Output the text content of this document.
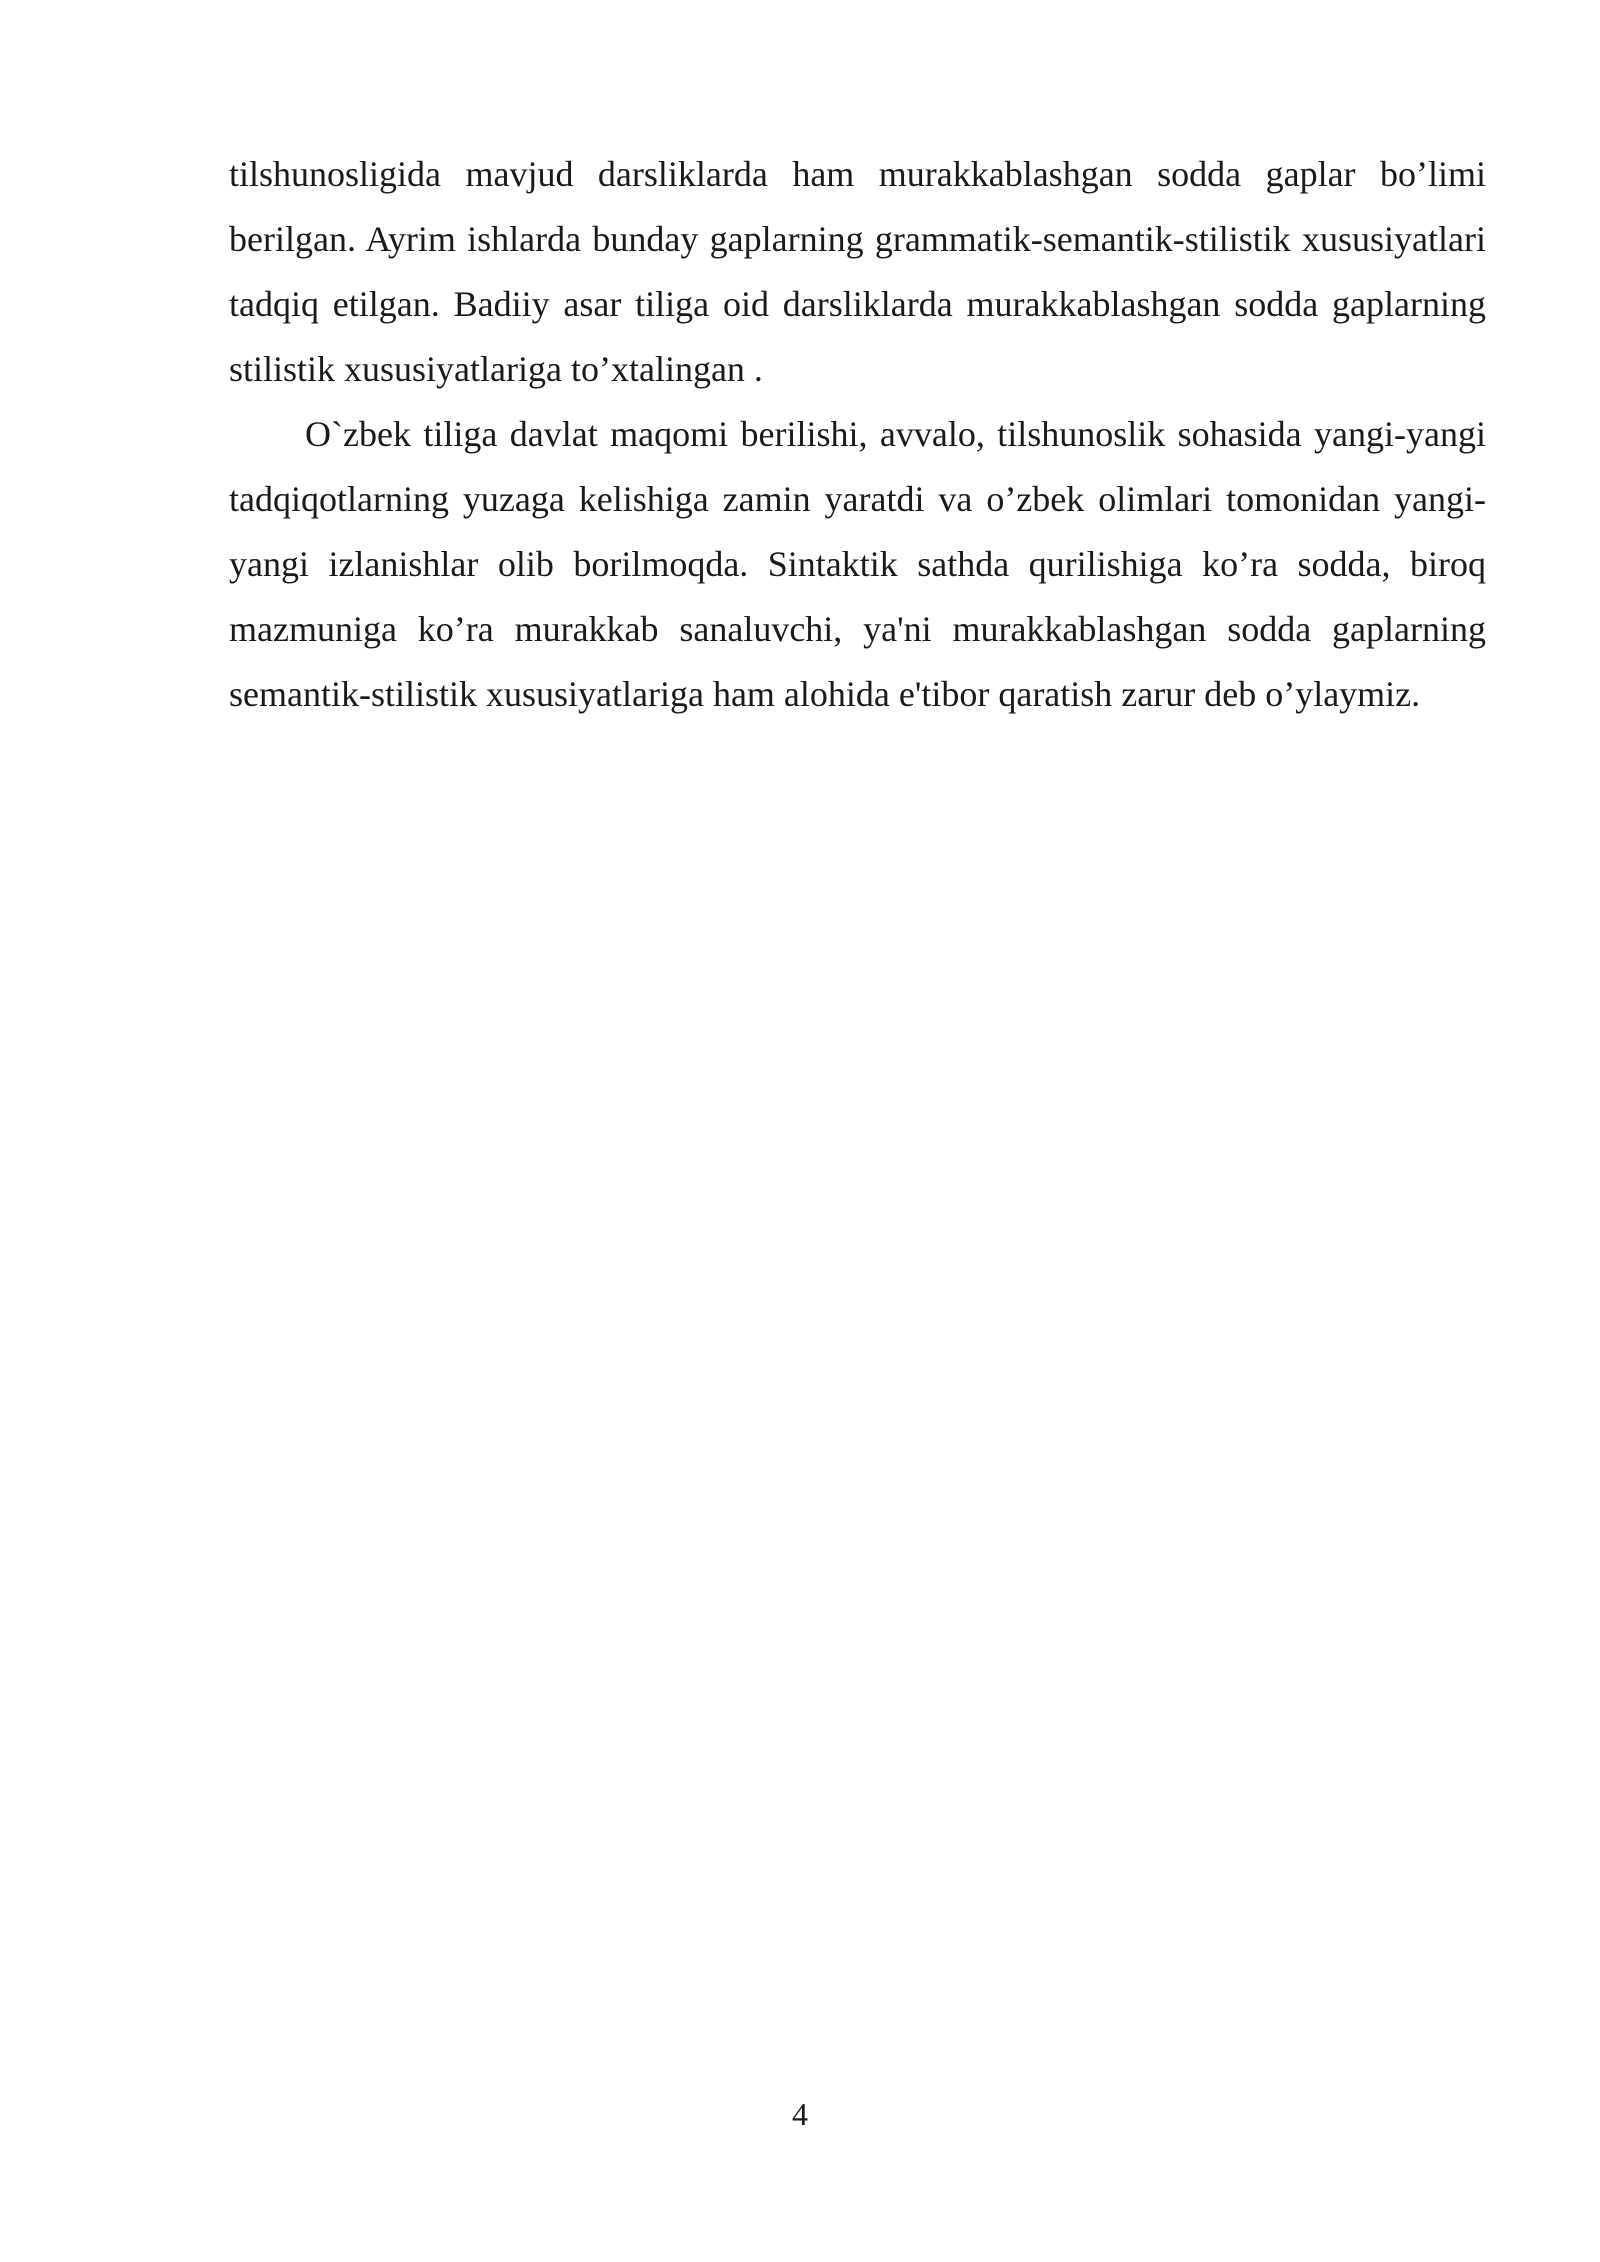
tilshunosligida mavjud darsliklarda ham murakkablashgan sodda gaplar bo’limi berilgan. Ayrim ishlarda bunday gaplarning grammatik-semantik-stilistik xususiyatlari tadqiq etilgan. Badiiy asar tiliga oid darsliklarda murakkablashgan sodda gaplarning stilistik xususiyatlariga to’xtalingan .

O`zbek tiliga davlat maqomi berilishi, avvalo, tilshunoslik sohasida yangi-yangi tadqiqotlarning yuzaga kelishiga zamin yaratdi va o’zbek olimlari tomonidan yangi-yangi izlanishlar olib borilmoqda. Sintaktik sathda qurilishiga ko’ra sodda, biroq mazmuniga ko’ra murakkab sanaluvchi, ya'ni murakkablashgan sodda gaplarning semantik-stilistik xususiyatlariga ham alohida e'tibor qaratish zarur deb o’ylaymiz.

4
